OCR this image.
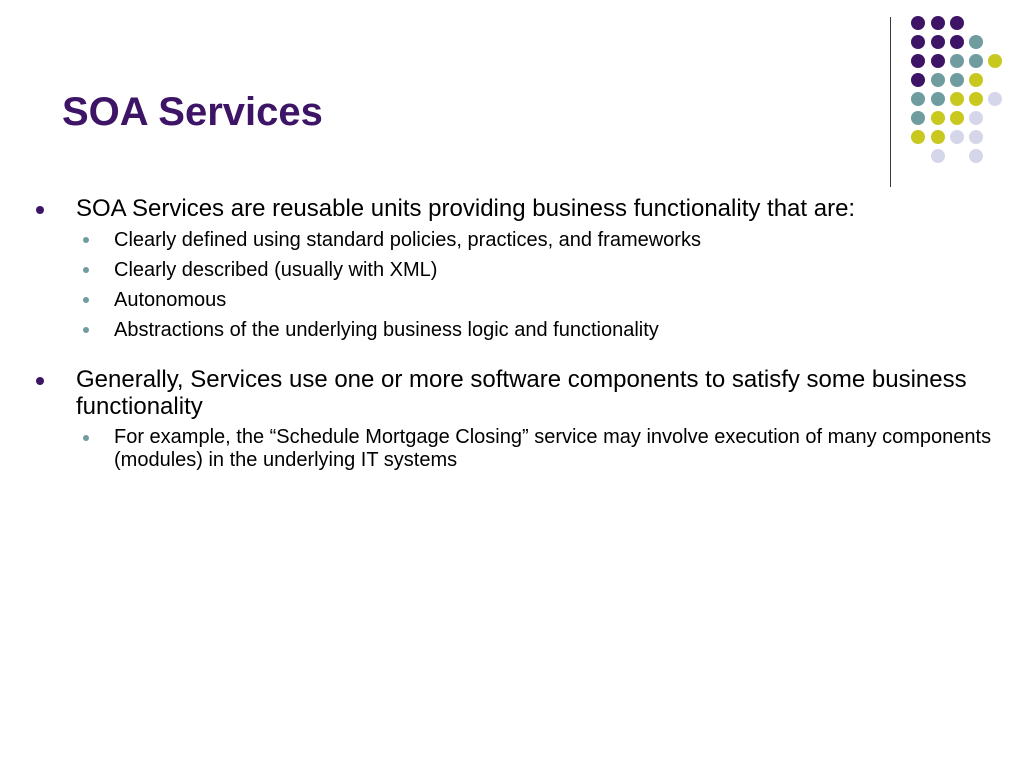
SOA Services
SOA Services are reusable units providing business functionality that are:
Clearly defined using standard policies, practices, and frameworks
Clearly described (usually with XML)
Autonomous
Abstractions of the underlying business logic and functionality
Generally, Services use one or more software components to satisfy some business functionality
For example, the “Schedule Mortgage Closing” service may involve execution of many components (modules) in the underlying IT systems
